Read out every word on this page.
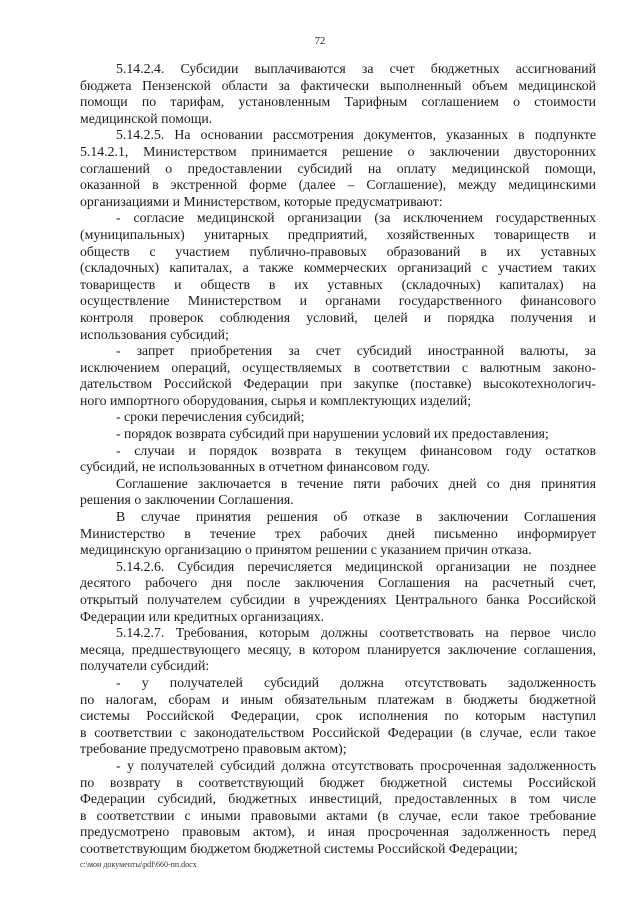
72
5.14.2.4. Субсидии выплачиваются за счет бюджетных ассигнований
бюджета Пензенской области за фактически выполненный объем медицинской
помощи по тарифам, установленным Тарифным соглашением о стоимости
медицинской помощи.
5.14.2.5. На основании рассмотрения документов, указанных в подпункте
5.14.2.1, Министерством принимается решение о заключении двусторонних
соглашений о предоставлении субсидий на оплату медицинской помощи,
оказанной в экстренной форме (далее – Соглашение), между медицинскими
организациями и Министерством, которые предусматривают:
- согласие медицинской организации (за исключением государственных
(муниципальных) унитарных предприятий, хозяйственных товариществ и
обществ с участием публично-правовых образований в их уставных
(складочных) капиталах, а также коммерческих организаций с участием таких
товариществ и обществ в их уставных (складочных) капиталах) на
осуществление Министерством и органами государственного финансового
контроля проверок соблюдения условий, целей и порядка получения и
использования субсидий;
- запрет приобретения за счет субсидий иностранной валюты, за
исключением операций, осуществляемых в соответствии с валютным законо-
дательством Российской Федерации при закупке (поставке) высокотехнологич-
ного импортного оборудования, сырья и комплектующих изделий;
- сроки перечисления субсидий;
- порядок возврата субсидий при нарушении условий их предоставления;
- случаи и порядок возврата в текущем финансовом году остатков
субсидий, не использованных в отчетном финансовом году.
Соглашение заключается в течение пяти рабочих дней со дня принятия
решения о заключении Соглашения.
В случае принятия решения об отказе в заключении Соглашения
Министерство в течение трех рабочих дней письменно информирует
медицинскую организацию о принятом решении с указанием причин отказа.
5.14.2.6. Субсидия перечисляется медицинской организации не позднее
десятого рабочего дня после заключения Соглашения на расчетный счет,
открытый получателем субсидии в учреждениях Центрального банка Российской
Федерации или кредитных организациях.
5.14.2.7. Требования, которым должны соответствовать на первое число
месяца, предшествующего месяцу, в котором планируется заключение соглашения,
получатели субсидий:
- у получателей субсидий должна отсутствовать задолженность
по налогам, сборам и иным обязательным платежам в бюджеты бюджетной
системы Российской Федерации, срок исполнения по которым наступил
в соответствии с законодательством Российской Федерации (в случае, если такое
требование предусмотрено правовым актом);
- у получателей субсидий должна отсутствовать просроченная задолженность
по возврату в соответствующий бюджет бюджетной системы Российской
Федерации субсидий, бюджетных инвестиций, предоставленных в том числе
в соответствии с иными правовыми актами (в случае, если такое требование
предусмотрено правовым актом), и иная просроченная задолженность перед
соответствующим бюджетом бюджетной системы Российской Федерации;
c:\мои документы\pdf\660-пп.docx
